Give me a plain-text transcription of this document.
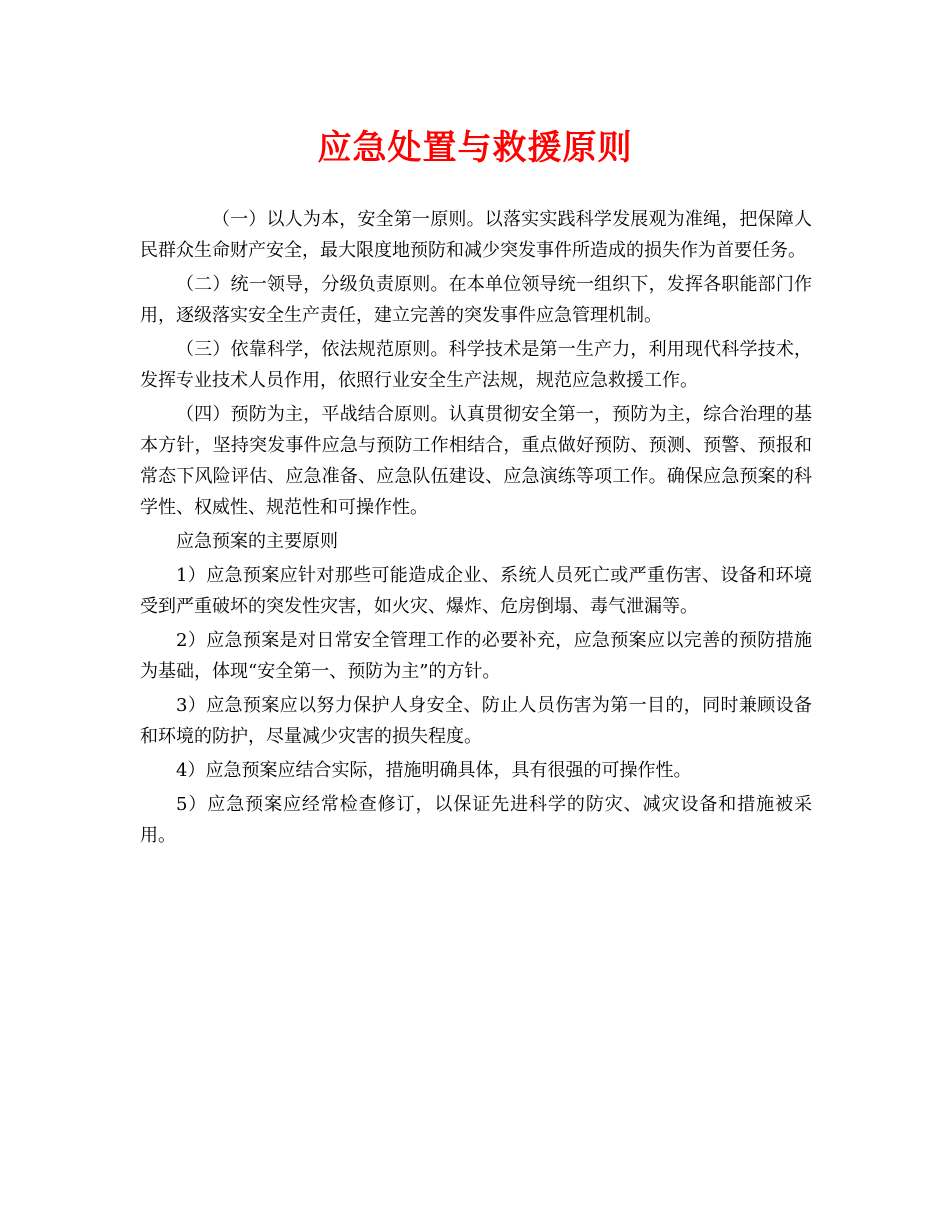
应急处置与救援原则

（一）以人为本，安全第一原则。以落实实践科学发展观为准绳，把保障人民群众生命财产安全，最大限度地预防和减少突发事件所造成的损失作为首要任务。

（二）统一领导，分级负责原则。在本单位领导统一组织下，发挥各职能部门作用，逐级落实安全生产责任，建立完善的突发事件应急管理机制。

（三）依靠科学，依法规范原则。科学技术是第一生产力，利用现代科学技术，发挥专业技术人员作用，依照行业安全生产法规，规范应急救援工作。

（四）预防为主，平战结合原则。认真贯彻安全第一，预防为主，综合治理的基本方针，坚持突发事件应急与预防工作相结合，重点做好预防、预测、预警、预报和常态下风险评估、应急准备、应急队伍建设、应急演练等项工作。确保应急预案的科学性、权威性、规范性和可操作性。

应急预案的主要原则

1）应急预案应针对那些可能造成企业、系统人员死亡或严重伤害、设备和环境受到严重破坏的突发性灾害，如火灾、爆炸、危房倒塌、毒气泄漏等。

2）应急预案是对日常安全管理工作的必要补充，应急预案应以完善的预防措施为基础，体现“安全第一、预防为主”的方针。

3）应急预案应以努力保护人身安全、防止人员伤害为第一目的，同时兼顾设备和环境的防护，尽量减少灾害的损失程度。

4）应急预案应结合实际，措施明确具体，具有很强的可操作性。

5）应急预案应经常检查修订，以保证先进科学的防灾、减灾设备和措施被采用。
